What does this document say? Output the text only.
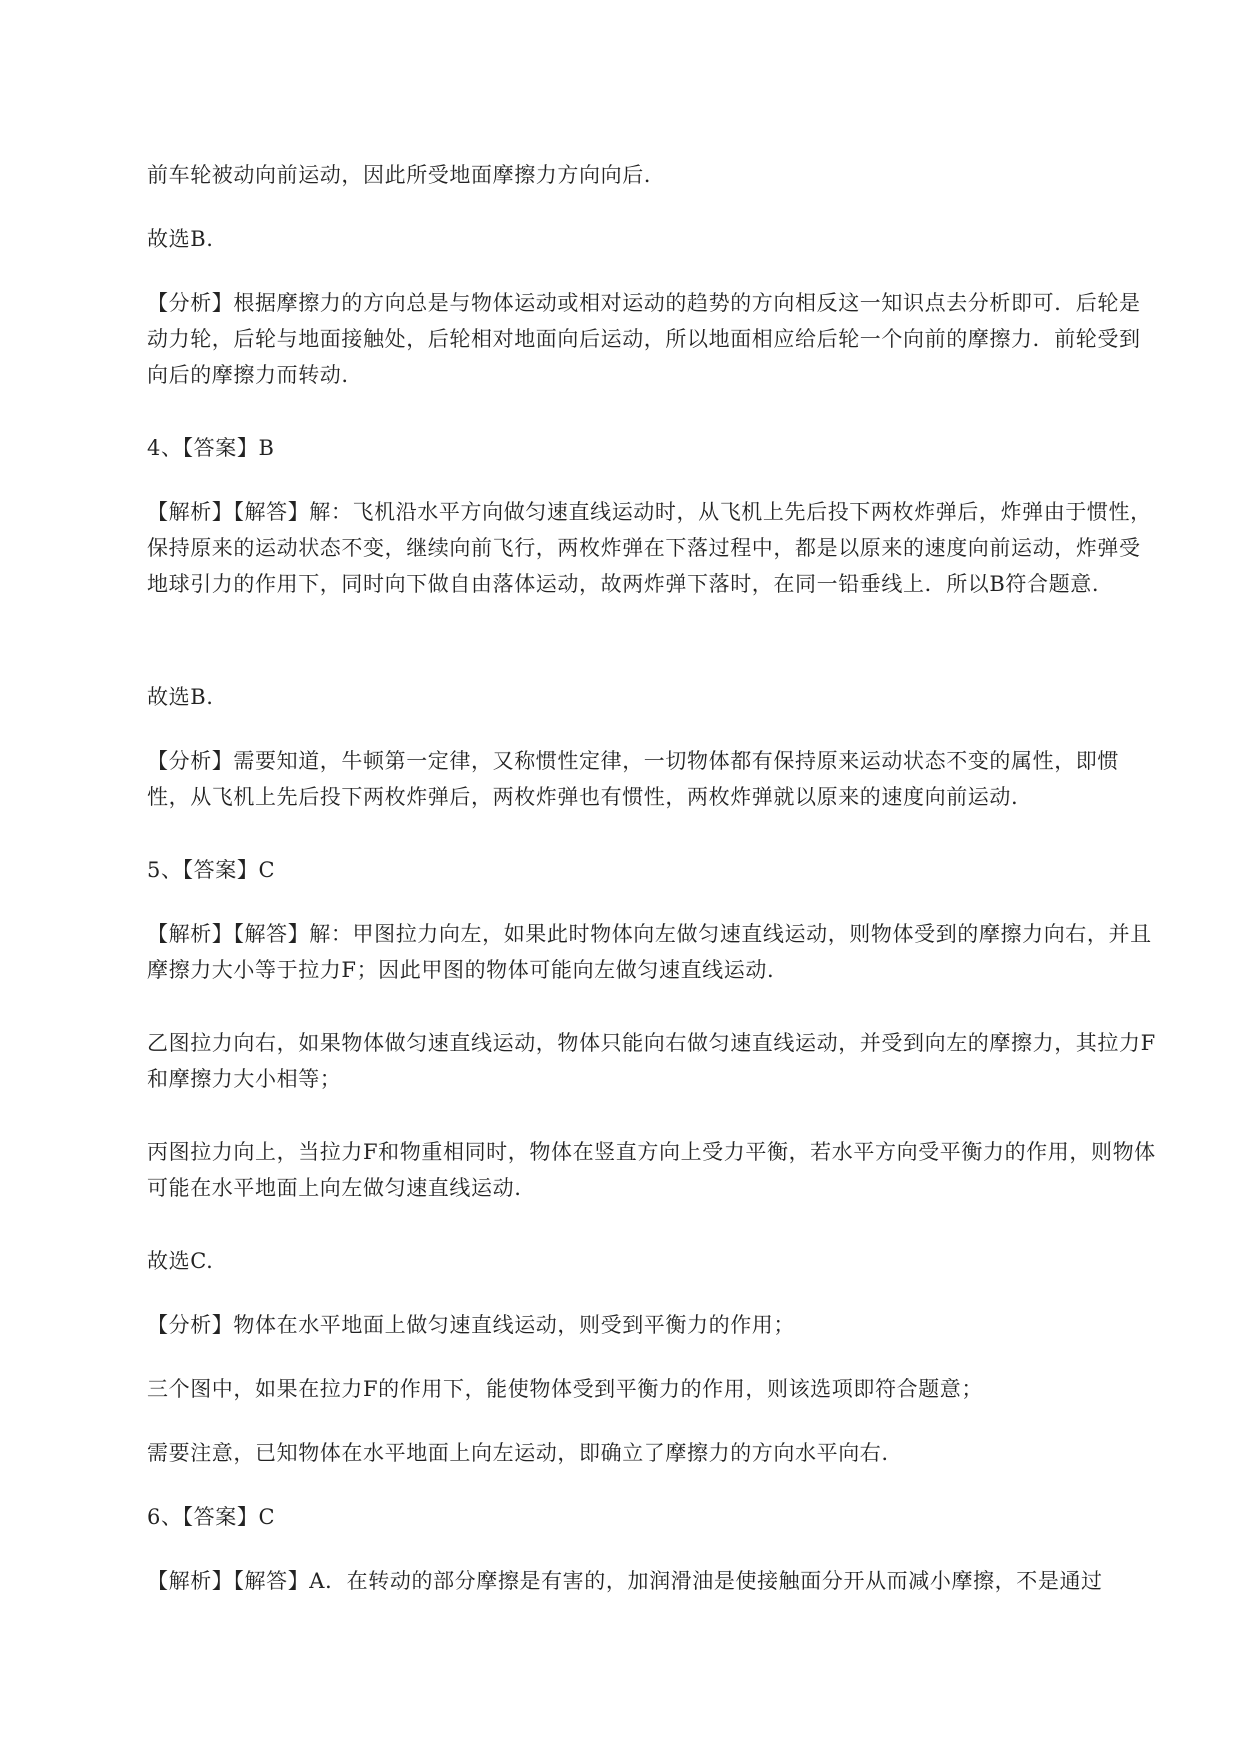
前车轮被动向前运动，因此所受地面摩擦力方向向后.

故选B.

【分析】根据摩擦力的方向总是与物体运动或相对运动的趋势的方向相反这一知识点去分析即可．后轮是动力轮，后轮与地面接触处，后轮相对地面向后运动，所以地面相应给后轮一个向前的摩擦力．前轮受到向后的摩擦力而转动.

4、【答案】B

【解析】【解答】解：飞机沿水平方向做匀速直线运动时，从飞机上先后投下两枚炸弹后，炸弹由于惯性，保持原来的运动状态不变，继续向前飞行，两枚炸弹在下落过程中，都是以原来的速度向前运动，炸弹受地球引力的作用下，同时向下做自由落体运动，故两炸弹下落时，在同一铅垂线上．所以B符合题意.

故选B.

【分析】需要知道，牛顿第一定律，又称惯性定律，一切物体都有保持原来运动状态不变的属性，即惯性，从飞机上先后投下两枚炸弹后，两枚炸弹也有惯性，两枚炸弹就以原来的速度向前运动.

5、【答案】C

【解析】【解答】解：甲图拉力向左，如果此时物体向左做匀速直线运动，则物体受到的摩擦力向右，并且摩擦力大小等于拉力F；因此甲图的物体可能向左做匀速直线运动.

乙图拉力向右，如果物体做匀速直线运动，物体只能向右做匀速直线运动，并受到向左的摩擦力，其拉力F和摩擦力大小相等；

丙图拉力向上，当拉力F和物重相同时，物体在竖直方向上受力平衡，若水平方向受平衡力的作用，则物体可能在水平地面上向左做匀速直线运动.

故选C.

【分析】物体在水平地面上做匀速直线运动，则受到平衡力的作用；

三个图中，如果在拉力F的作用下，能使物体受到平衡力的作用，则该选项即符合题意；

需要注意，已知物体在水平地面上向左运动，即确立了摩擦力的方向水平向右.

6、【答案】C

【解析】【解答】A．在转动的部分摩擦是有害的，加润滑油是使接触面分开从而减小摩擦，不是通过
